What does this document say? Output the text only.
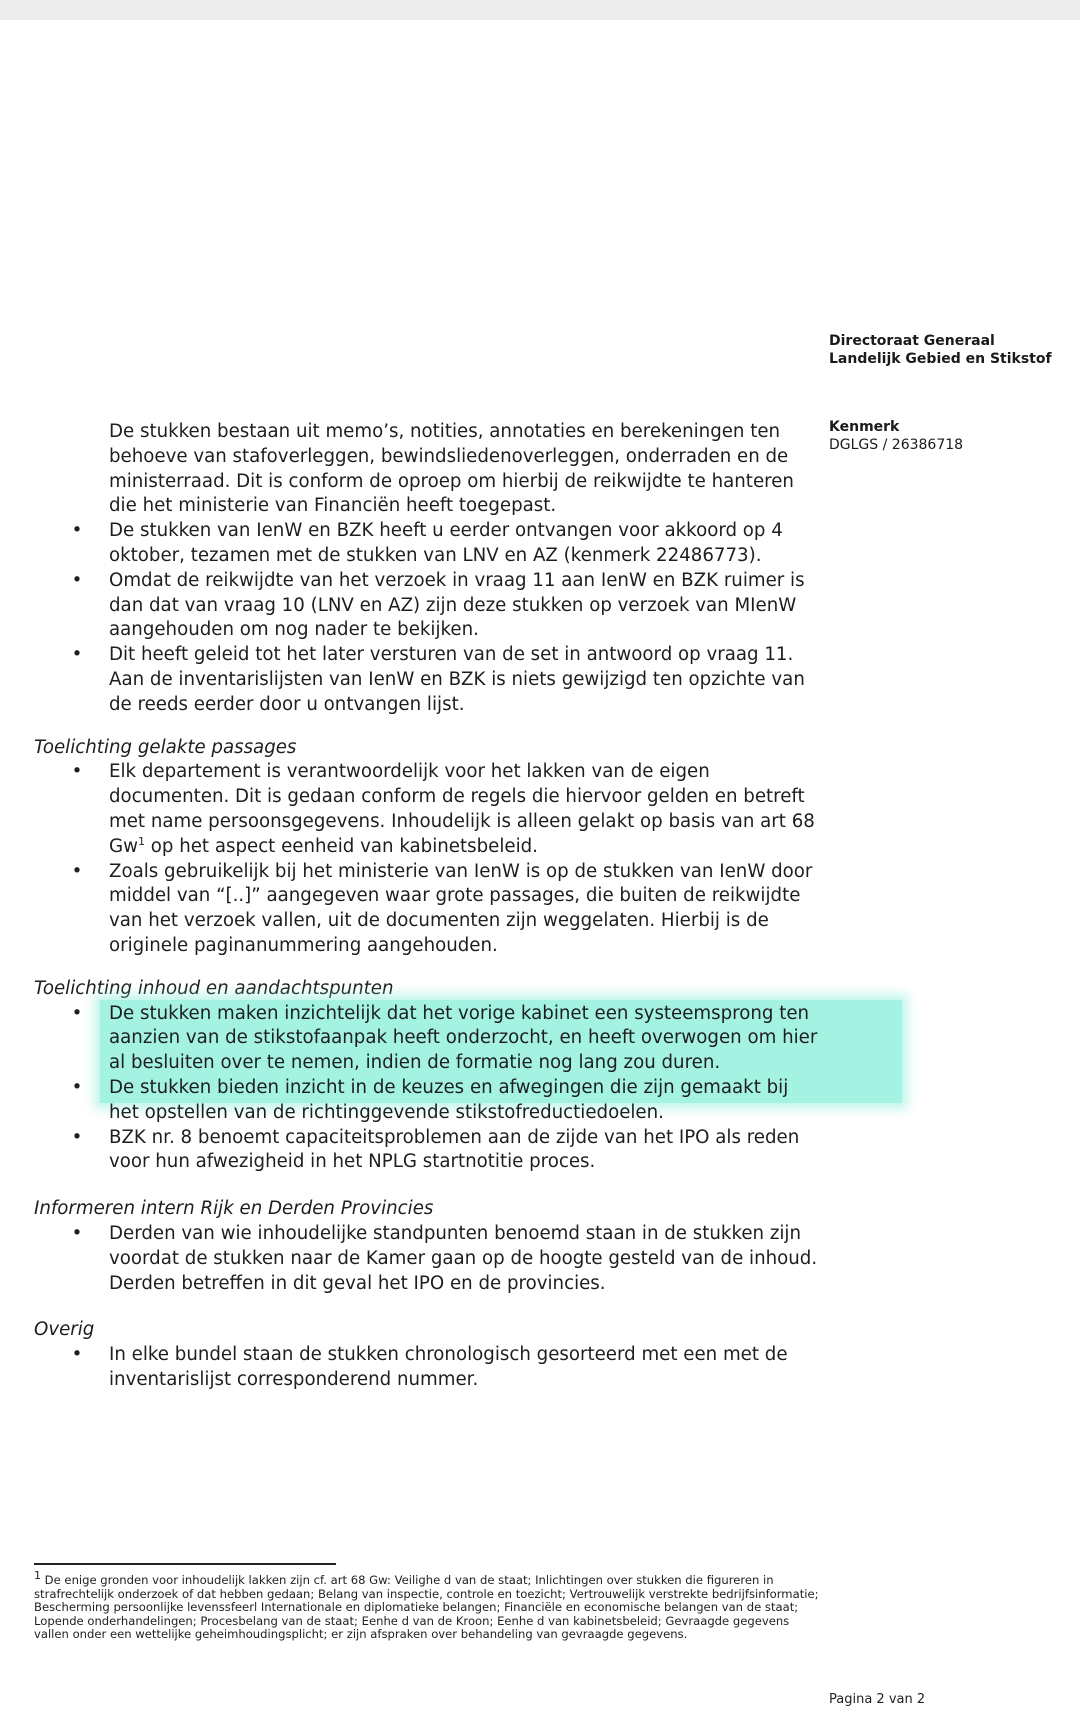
Directoraat Generaal
Landelijk Gebied en Stikstof
Kenmerk
DGLGS / 26386718
De stukken bestaan uit memo’s, notities, annotaties en berekeningen ten behoeve van stafoverleggen, bewindsliedenoverleggen, onderraden en de ministerraad. Dit is conform de oproep om hierbij de reikwijdte te hanteren die het ministerie van Financiën heeft toegepast.
• De stukken van IenW en BZK heeft u eerder ontvangen voor akkoord op 4 oktober, tezamen met de stukken van LNV en AZ (kenmerk 22486773).
• Omdat de reikwijdte van het verzoek in vraag 11 aan IenW en BZK ruimer is dan dat van vraag 10 (LNV en AZ) zijn deze stukken op verzoek van MIenW aangehouden om nog nader te bekijken.
• Dit heeft geleid tot het later versturen van de set in antwoord op vraag 11. Aan de inventarislijsten van IenW en BZK is niets gewijzigd ten opzichte van de reeds eerder door u ontvangen lijst.
Toelichting gelakte passages
• Elk departement is verantwoordelijk voor het lakken van de eigen documenten. Dit is gedaan conform de regels die hiervoor gelden en betreft met name persoonsgegevens. Inhoudelijk is alleen gelakt op basis van art 68 Gw$^1$ op het aspect eenheid van kabinetsbeleid.
• Zoals gebruikelijk bij het ministerie van IenW is op de stukken van IenW door middel van “[..]” aangegeven waar grote passages, die buiten de reikwijdte van het verzoek vallen, uit de documenten zijn weggelaten. Hierbij is de originele paginanummering aangehouden.
Toelichting inhoud en aandachtspunten
• De stukken maken inzichtelijk dat het vorige kabinet een systeemsprong ten aanzien van de stikstofaanpak heeft onderzocht, en heeft overwogen om hier al besluiten over te nemen, indien de formatie nog lang zou duren.
• De stukken bieden inzicht in de keuzes en afwegingen die zijn gemaakt bij het opstellen van de richtinggevende stikstofreductiedoelen.
• BZK nr. 8 benoemt capaciteitsproblemen aan de zijde van het IPO als reden voor hun afwezigheid in het NPLG startnotitie proces.
Informeren intern Rijk en Derden Provincies
• Derden van wie inhoudelijke standpunten benoemd staan in de stukken zijn voordat de stukken naar de Kamer gaan op de hoogte gesteld van de inhoud. Derden betreffen in dit geval het IPO en de provincies.
Overig
• In elke bundel staan de stukken chronologisch gesorteerd met een met de inventarislijst corresponderend nummer.
$^1$ De enige gronden voor inhoudelijk lakken zijn cf. art 68 Gw: Veilighe d van de staat; Inlichtingen over stukken die figureren in strafrechtelijk onderzoek of dat hebben gedaan; Belang van inspectie, controle en toezicht; Vertrouwelijk verstrekte bedrijfsinformatie; Bescherming persoonlijke levenssfeerl Internationale en diplomatieke belangen; Financiële en economische belangen van de staat; Lopende onderhandelingen; Procesbelang van de staat; Eenhe d van de Kroon; Eenhe d van kabinetsbeleid; Gevraagde gegevens vallen onder een wettelijke geheimhoudingsplicht; er zijn afspraken over behandeling van gevraagde gegevens.
Pagina 2 van 2
